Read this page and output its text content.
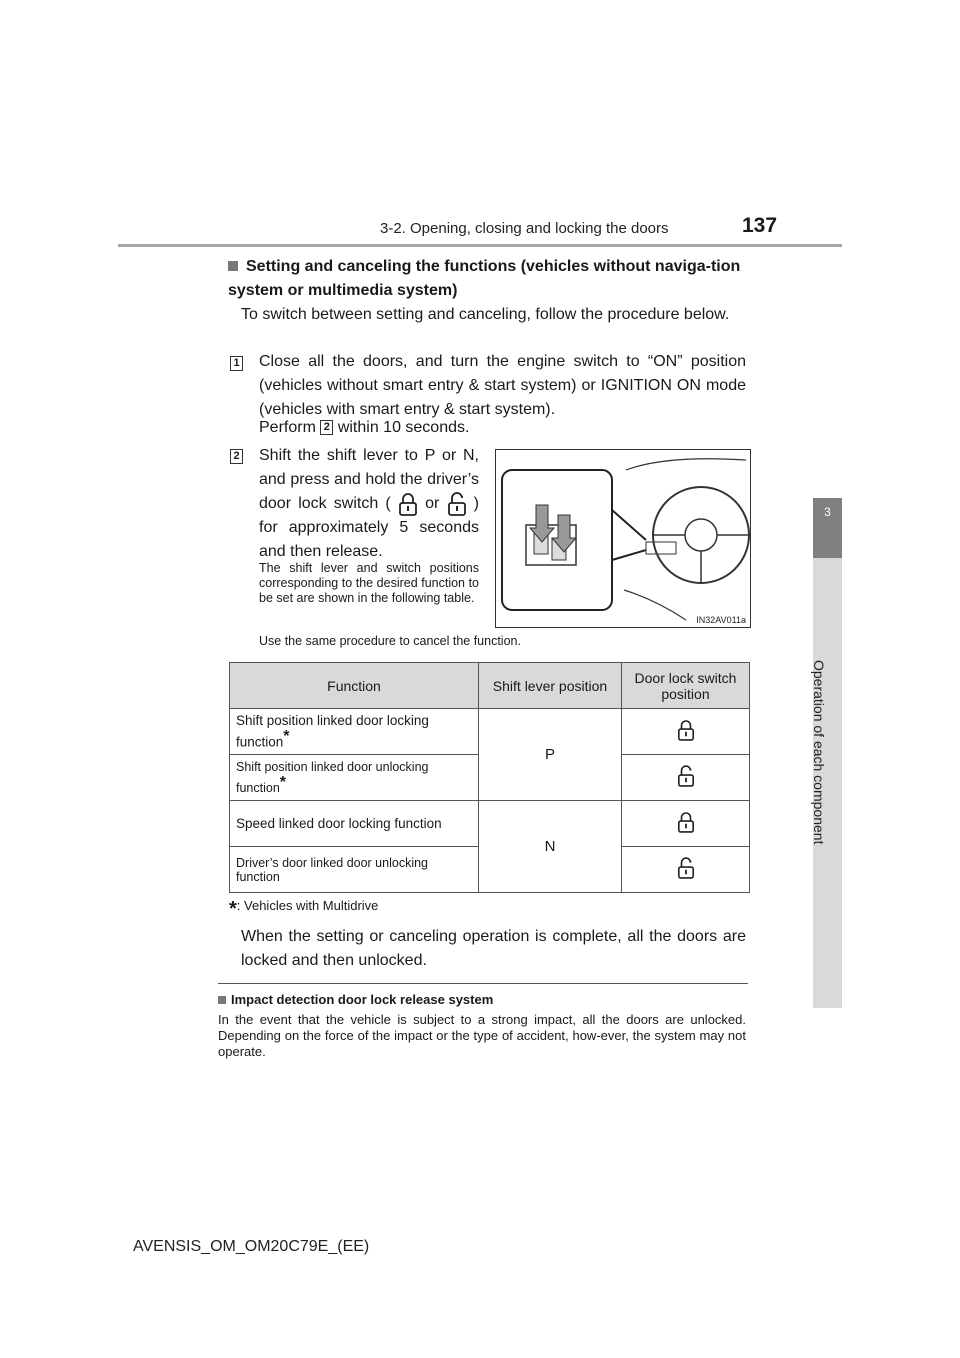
3-2. Opening, closing and locking the doors	137
3
Operation of each component
Setting and canceling the functions (vehicles without naviga-tion system or multimedia system)
To switch between setting and canceling, follow the procedure below.
1 Close all the doors, and turn the engine switch to “ON” position (vehicles without smart entry & start system) or IGNITION ON mode (vehicles with smart entry & start system).
Perform 2 within 10 seconds.
2 Shift the shift lever to P or N, and press and hold the driver’s door lock switch ( or ) for approximately 5 seconds and then release.
The shift lever and switch positions corresponding to the desired function to be set are shown in the following table.
Use the same procedure to cancel the function.
IN32AV011a
Function	Shift lever position	Door lock switch position
Shift position linked door locking function*	P	
Shift position linked door unlocking function*	
Speed linked door locking function	N	
Driver’s door linked door unlocking function	
*: Vehicles with Multidrive
When the setting or canceling operation is complete, all the doors are locked and then unlocked.
Impact detection door lock release system
In the event that the vehicle is subject to a strong impact, all the doors are unlocked. Depending on the force of the impact or the type of accident, how-ever, the system may not operate.
AVENSIS_OM_OM20C79E_(EE)
